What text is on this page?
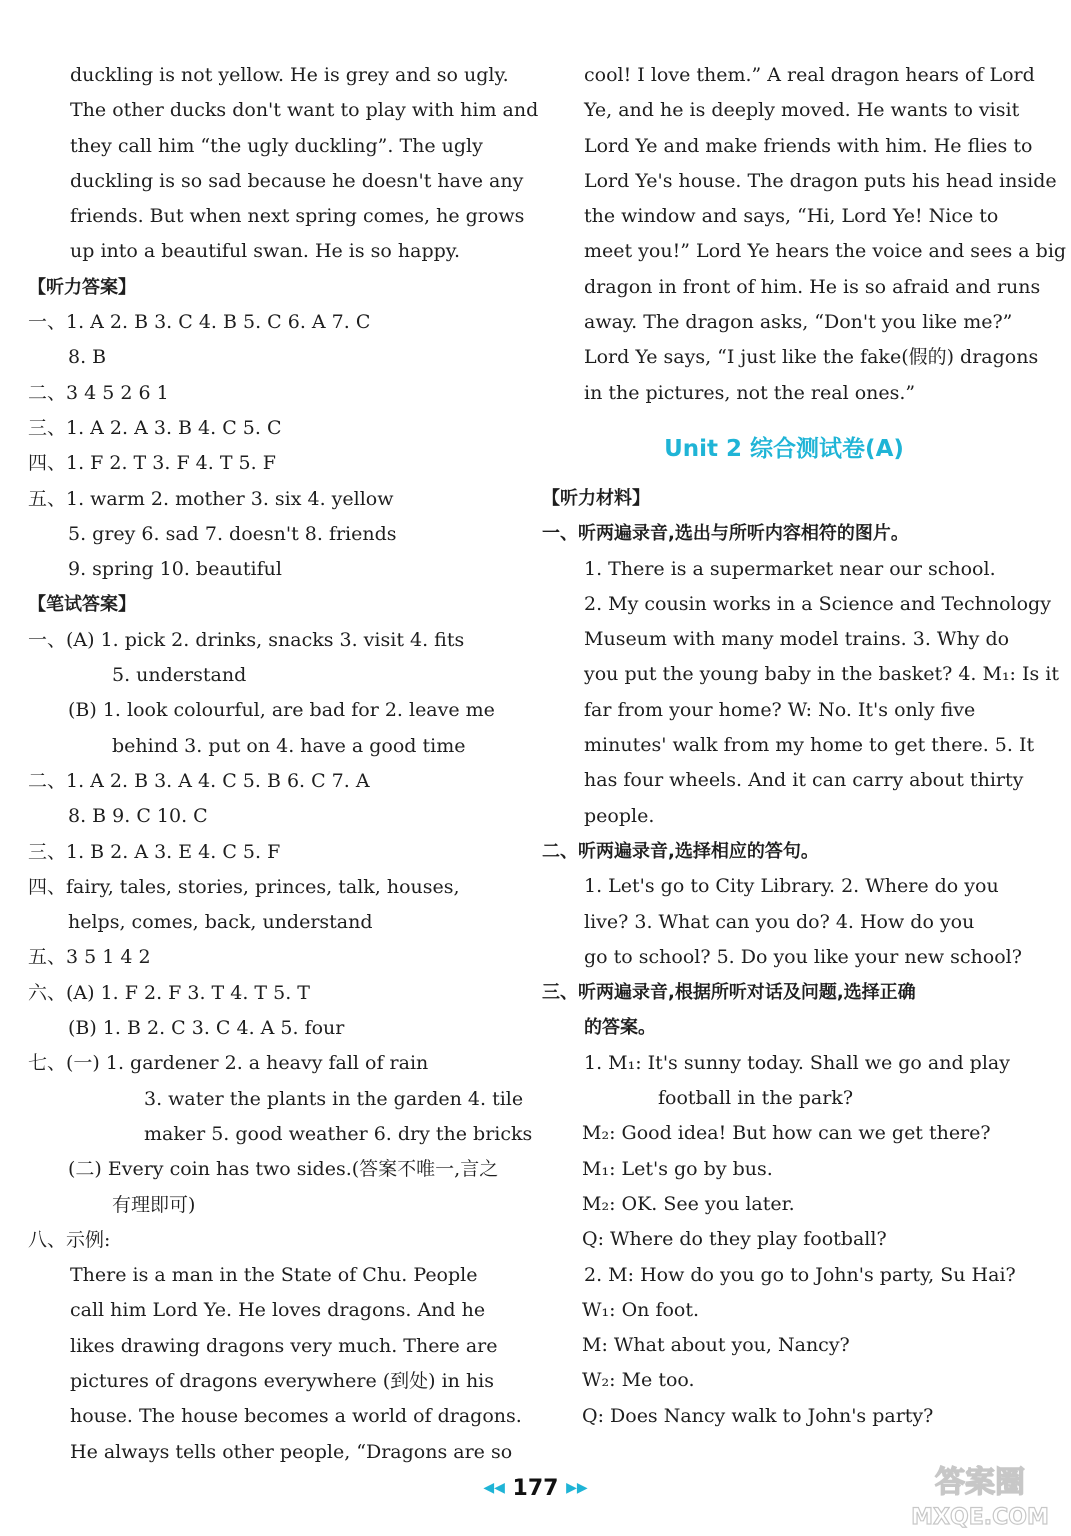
duckling is not yellow. He is grey and so ugly.
The other ducks don't want to play with him and
they call him “the ugly duckling”. The ugly
duckling is so sad because he doesn't have any
friends. But when next spring comes, he grows
up into a beautiful swan. He is so happy.
【听力答案】
一、1. A 2. B 3. C 4. B 5. C 6. A 7. C
8. B
二、3 4 5 2 6 1
三、1. A 2. A 3. B 4. C 5. C
四、1. F 2. T 3. F 4. T 5. F
五、1. warm 2. mother 3. six 4. yellow
5. grey 6. sad 7. doesn't 8. friends
9. spring 10. beautiful
【笔试答案】
一、(A) 1. pick 2. drinks, snacks 3. visit 4. fits
5. understand
(B) 1. look colourful, are bad for 2. leave me
behind 3. put on 4. have a good time
二、1. A 2. B 3. A 4. C 5. B 6. C 7. A
8. B 9. C 10. C
三、1. B 2. A 3. E 4. C 5. F
四、fairy, tales, stories, princes, talk, houses,
helps, comes, back, understand
五、3 5 1 4 2
六、(A) 1. F 2. F 3. T 4. T 5. T
(B) 1. B 2. C 3. C 4. A 5. four
七、(一) 1. gardener 2. a heavy fall of rain
3. water the plants in the garden 4. tile
maker 5. good weather 6. dry the bricks
(二) Every coin has two sides.(答案不唯一,言之
有理即可)
八、示例:
There is a man in the State of Chu. People
call him Lord Ye. He loves dragons. And he
likes drawing dragons very much. There are
pictures of dragons everywhere (到处) in his
house. The house becomes a world of dragons.
He always tells other people, “Dragons are so
cool! I love them.” A real dragon hears of Lord
Ye, and he is deeply moved. He wants to visit
Lord Ye and make friends with him. He flies to
Lord Ye's house. The dragon puts his head inside
the window and says, “Hi, Lord Ye! Nice to
meet you!” Lord Ye hears the voice and sees a big
dragon in front of him. He is so afraid and runs
away. The dragon asks, “Don't you like me?”
Lord Ye says, “I just like the fake(假的) dragons
in the pictures, not the real ones.”
Unit 2 综合测试卷(A)
【听力材料】
一、听两遍录音,选出与所听内容相符的图片。
1. There is a supermarket near our school.
2. My cousin works in a Science and Technology
Museum with many model trains. 3. Why do
you put the young baby in the basket? 4. M₁: Is it
far from your home? W: No. It's only five
minutes' walk from my home to get there. 5. It
has four wheels. And it can carry about thirty
people.
二、听两遍录音,选择相应的答句。
1. Let's go to City Library. 2. Where do you
live? 3. What can you do? 4. How do you
go to school? 5. Do you like your new school?
三、听两遍录音,根据所听对话及问题,选择正确
的答案。
1. M₁: It's sunny today. Shall we go and play
football in the park?
M₂: Good idea! But how can we get there?
M₁: Let's go by bus.
M₂: OK. See you later.
Q: Where do they play football?
2. M: How do you go to John's party, Su Hai?
W₁: On foot.
M: What about you, Nancy?
W₂: Me too.
Q: Does Nancy walk to John's party?
◀◀ 177 ▶▶	答案圈
MXQE.COM
